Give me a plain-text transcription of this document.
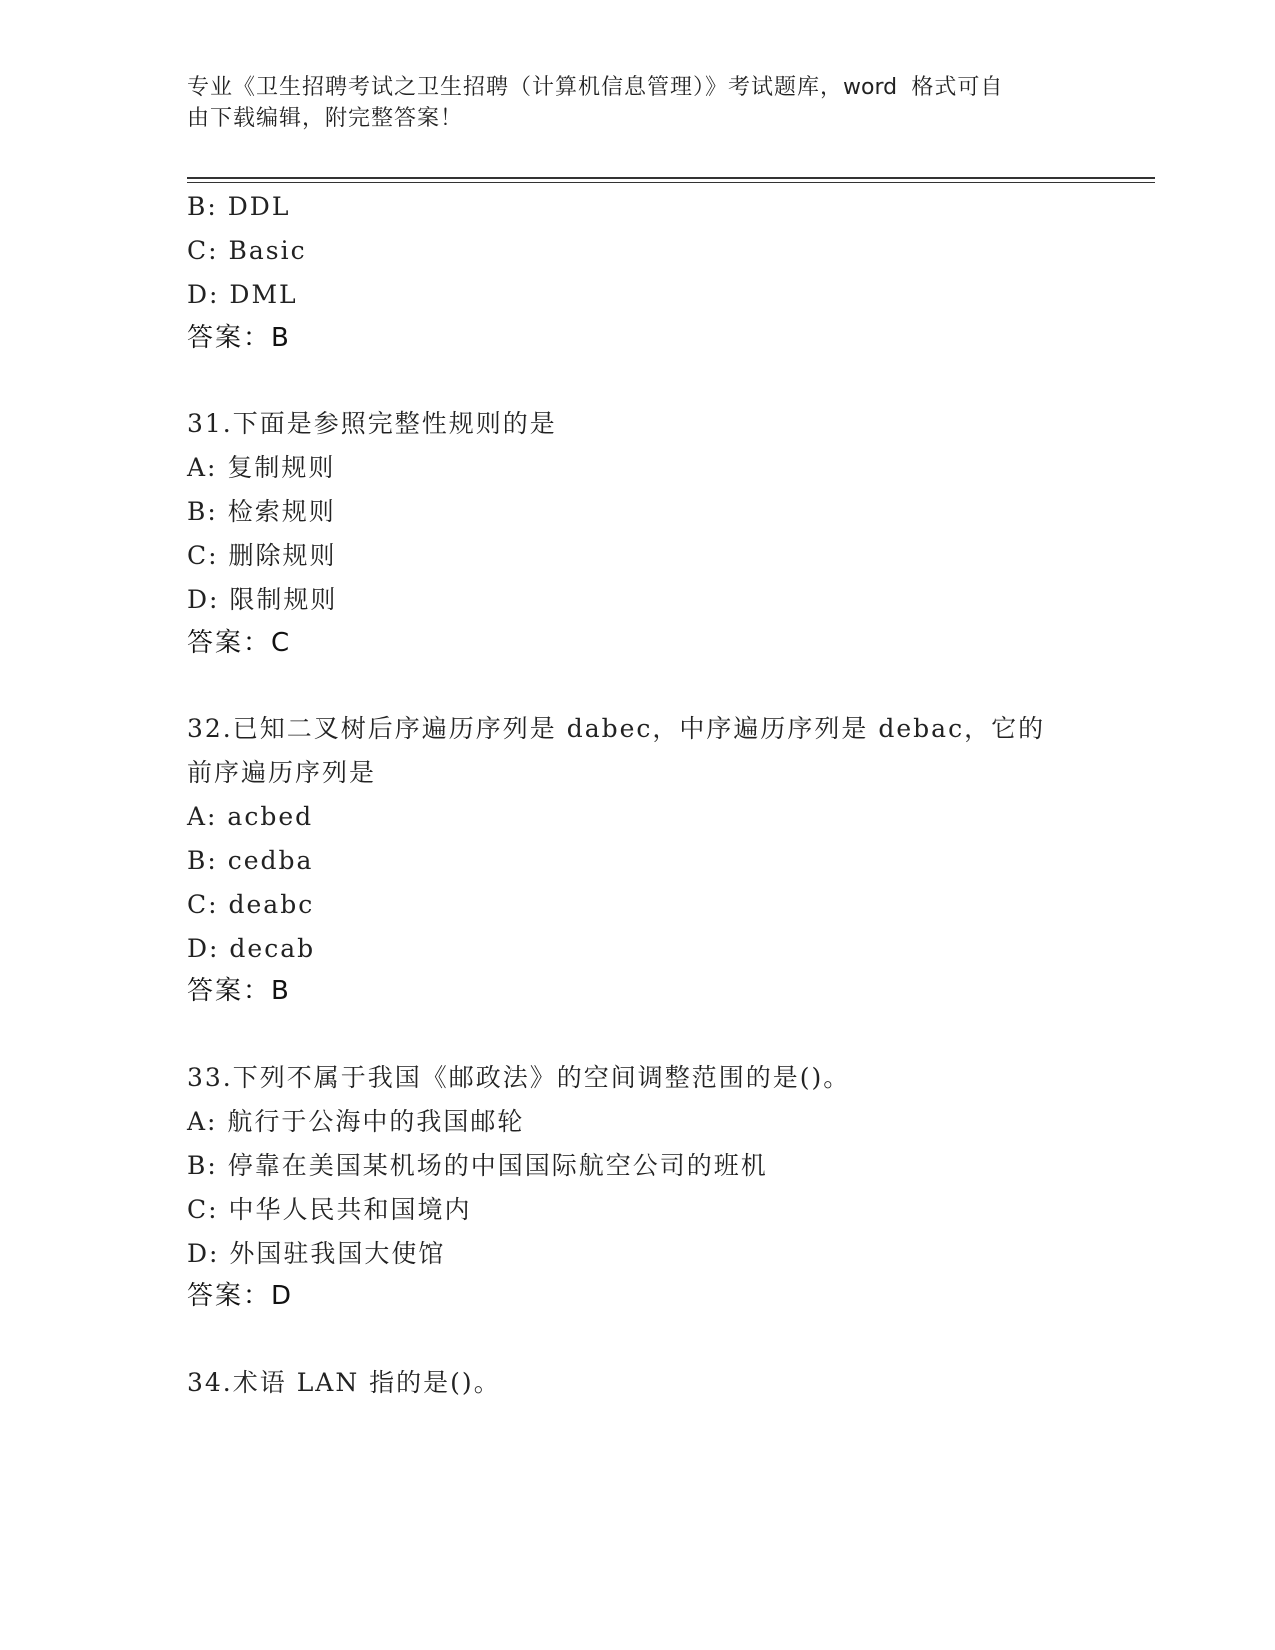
专业《卫生招聘考试之卫生招聘（计算机信息管理）》考试题库，word 格式可自
由下载编辑，附完整答案！
B: DDL
C: Basic
D: DML
答案：B
31.下面是参照完整性规则的是
A: 复制规则
B: 检索规则
C: 删除规则
D: 限制规则
答案：C
32.已知二叉树后序遍历序列是 dabec，中序遍历序列是 debac，它的
前序遍历序列是
A: acbed
B: cedba
C: deabc
D: decab
答案：B
33.下列不属于我国《邮政法》的空间调整范围的是()。
A: 航行于公海中的我国邮轮
B: 停靠在美国某机场的中国国际航空公司的班机
C: 中华人民共和国境内
D: 外国驻我国大使馆
答案：D
34.术语 LAN 指的是()。
